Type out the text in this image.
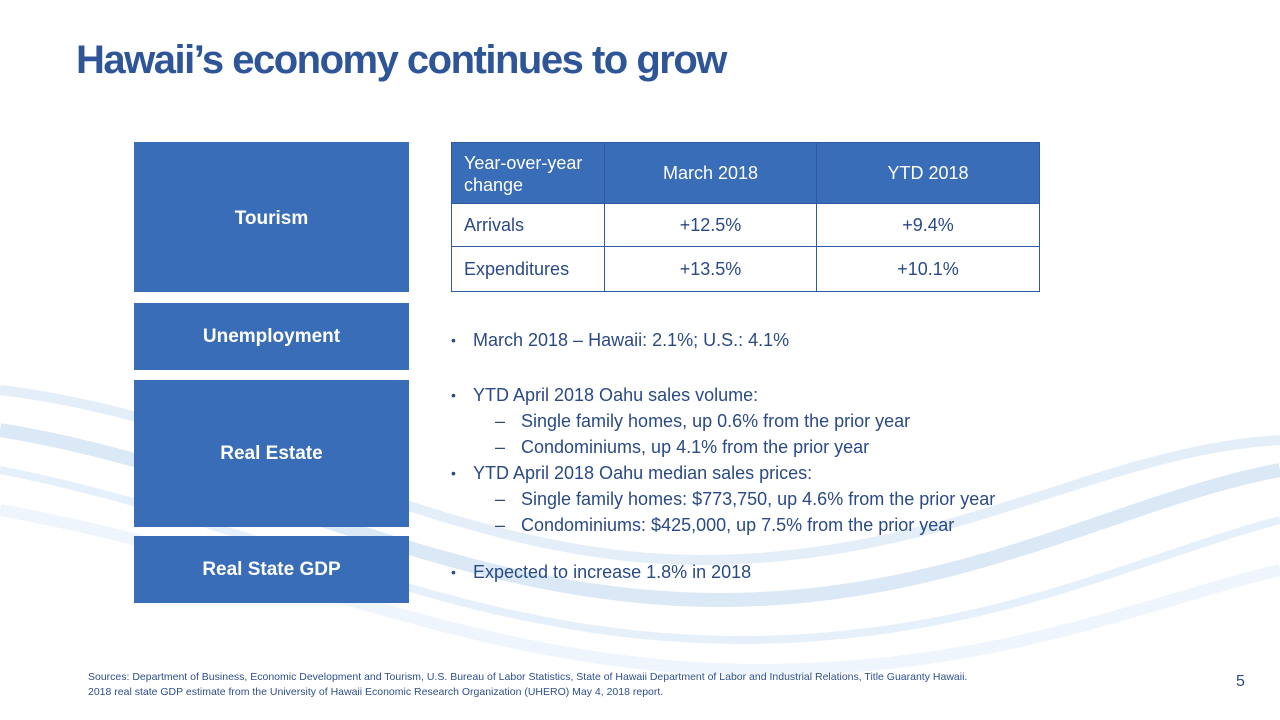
Hawaii’s economy continues to grow
Tourism
Unemployment
Real Estate
Real State GDP
Year-over-year change	March 2018	YTD 2018
Arrivals	+12.5%	+9.4%
Expenditures	+13.5%	+10.1%
• March 2018 – Hawaii: 2.1%; U.S.: 4.1%
• YTD April 2018 Oahu sales volume:
– Single family homes, up 0.6% from the prior year
– Condominiums, up 4.1% from the prior year
• YTD April 2018 Oahu median sales prices:
– Single family homes: $773,750, up 4.6% from the prior year
– Condominiums: $425,000, up 7.5% from the prior year
• Expected to increase 1.8% in 2018
Sources: Department of Business, Economic Development and Tourism, U.S. Bureau of Labor Statistics, State of Hawaii Department of Labor and Industrial Relations, Title Guaranty Hawaii.
2018 real state GDP estimate from the University of Hawaii Economic Research Organization (UHERO) May 4, 2018 report.
5
